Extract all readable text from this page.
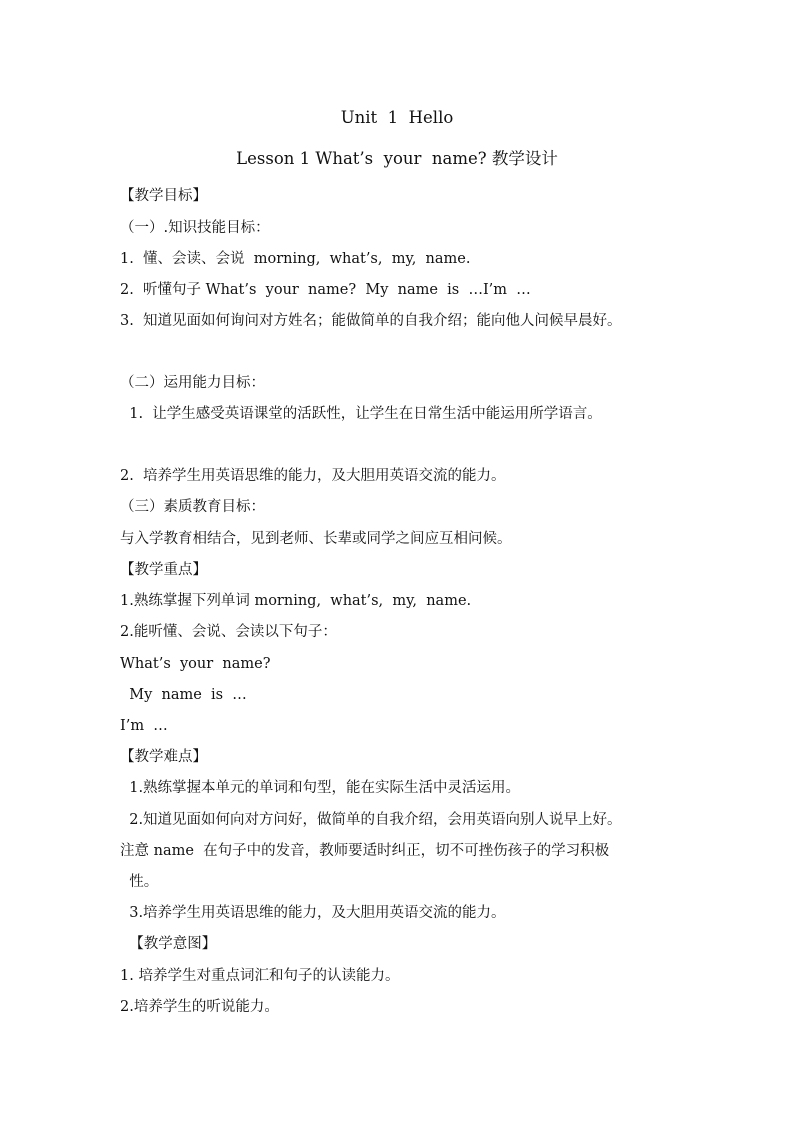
Unit  1  Hello

Lesson 1 What’s  your  name? 教学设计

【教学目标】

（一）.知识技能目标：

1.  懂、会读、会说  morning,  what’s,  my,  name.

2.  听懂句子 What’s  your  name?  My  name  is  …I’m  …

3.  知道见面如何询问对方姓名；能做简单的自我介绍；能向他人问候早晨好。

（二）运用能力目标：

1.  让学生感受英语课堂的活跃性，让学生在日常生活中能运用所学语言。

2.  培养学生用英语思维的能力，及大胆用英语交流的能力。

（三）素质教育目标：

与入学教育相结合，见到老师、长辈或同学之间应互相问候。

【教学重点】

1.熟练掌握下列单词 morning,  what’s,  my,  name.

2.能听懂、会说、会读以下句子：

What’s  your  name?

My  name  is  …

I’m  …

【教学难点】

1.熟练掌握本单元的单词和句型，能在实际生活中灵活运用。

2.知道见面如何向对方问好，做简单的自我介绍，会用英语向别人说早上好。

注意 name  在句子中的发音，教师要适时纠正，切不可挫伤孩子的学习积极

性。

3.培养学生用英语思维的能力，及大胆用英语交流的能力。

【教学意图】

1. 培养学生对重点词汇和句子的认读能力。

2.培养学生的听说能力。
